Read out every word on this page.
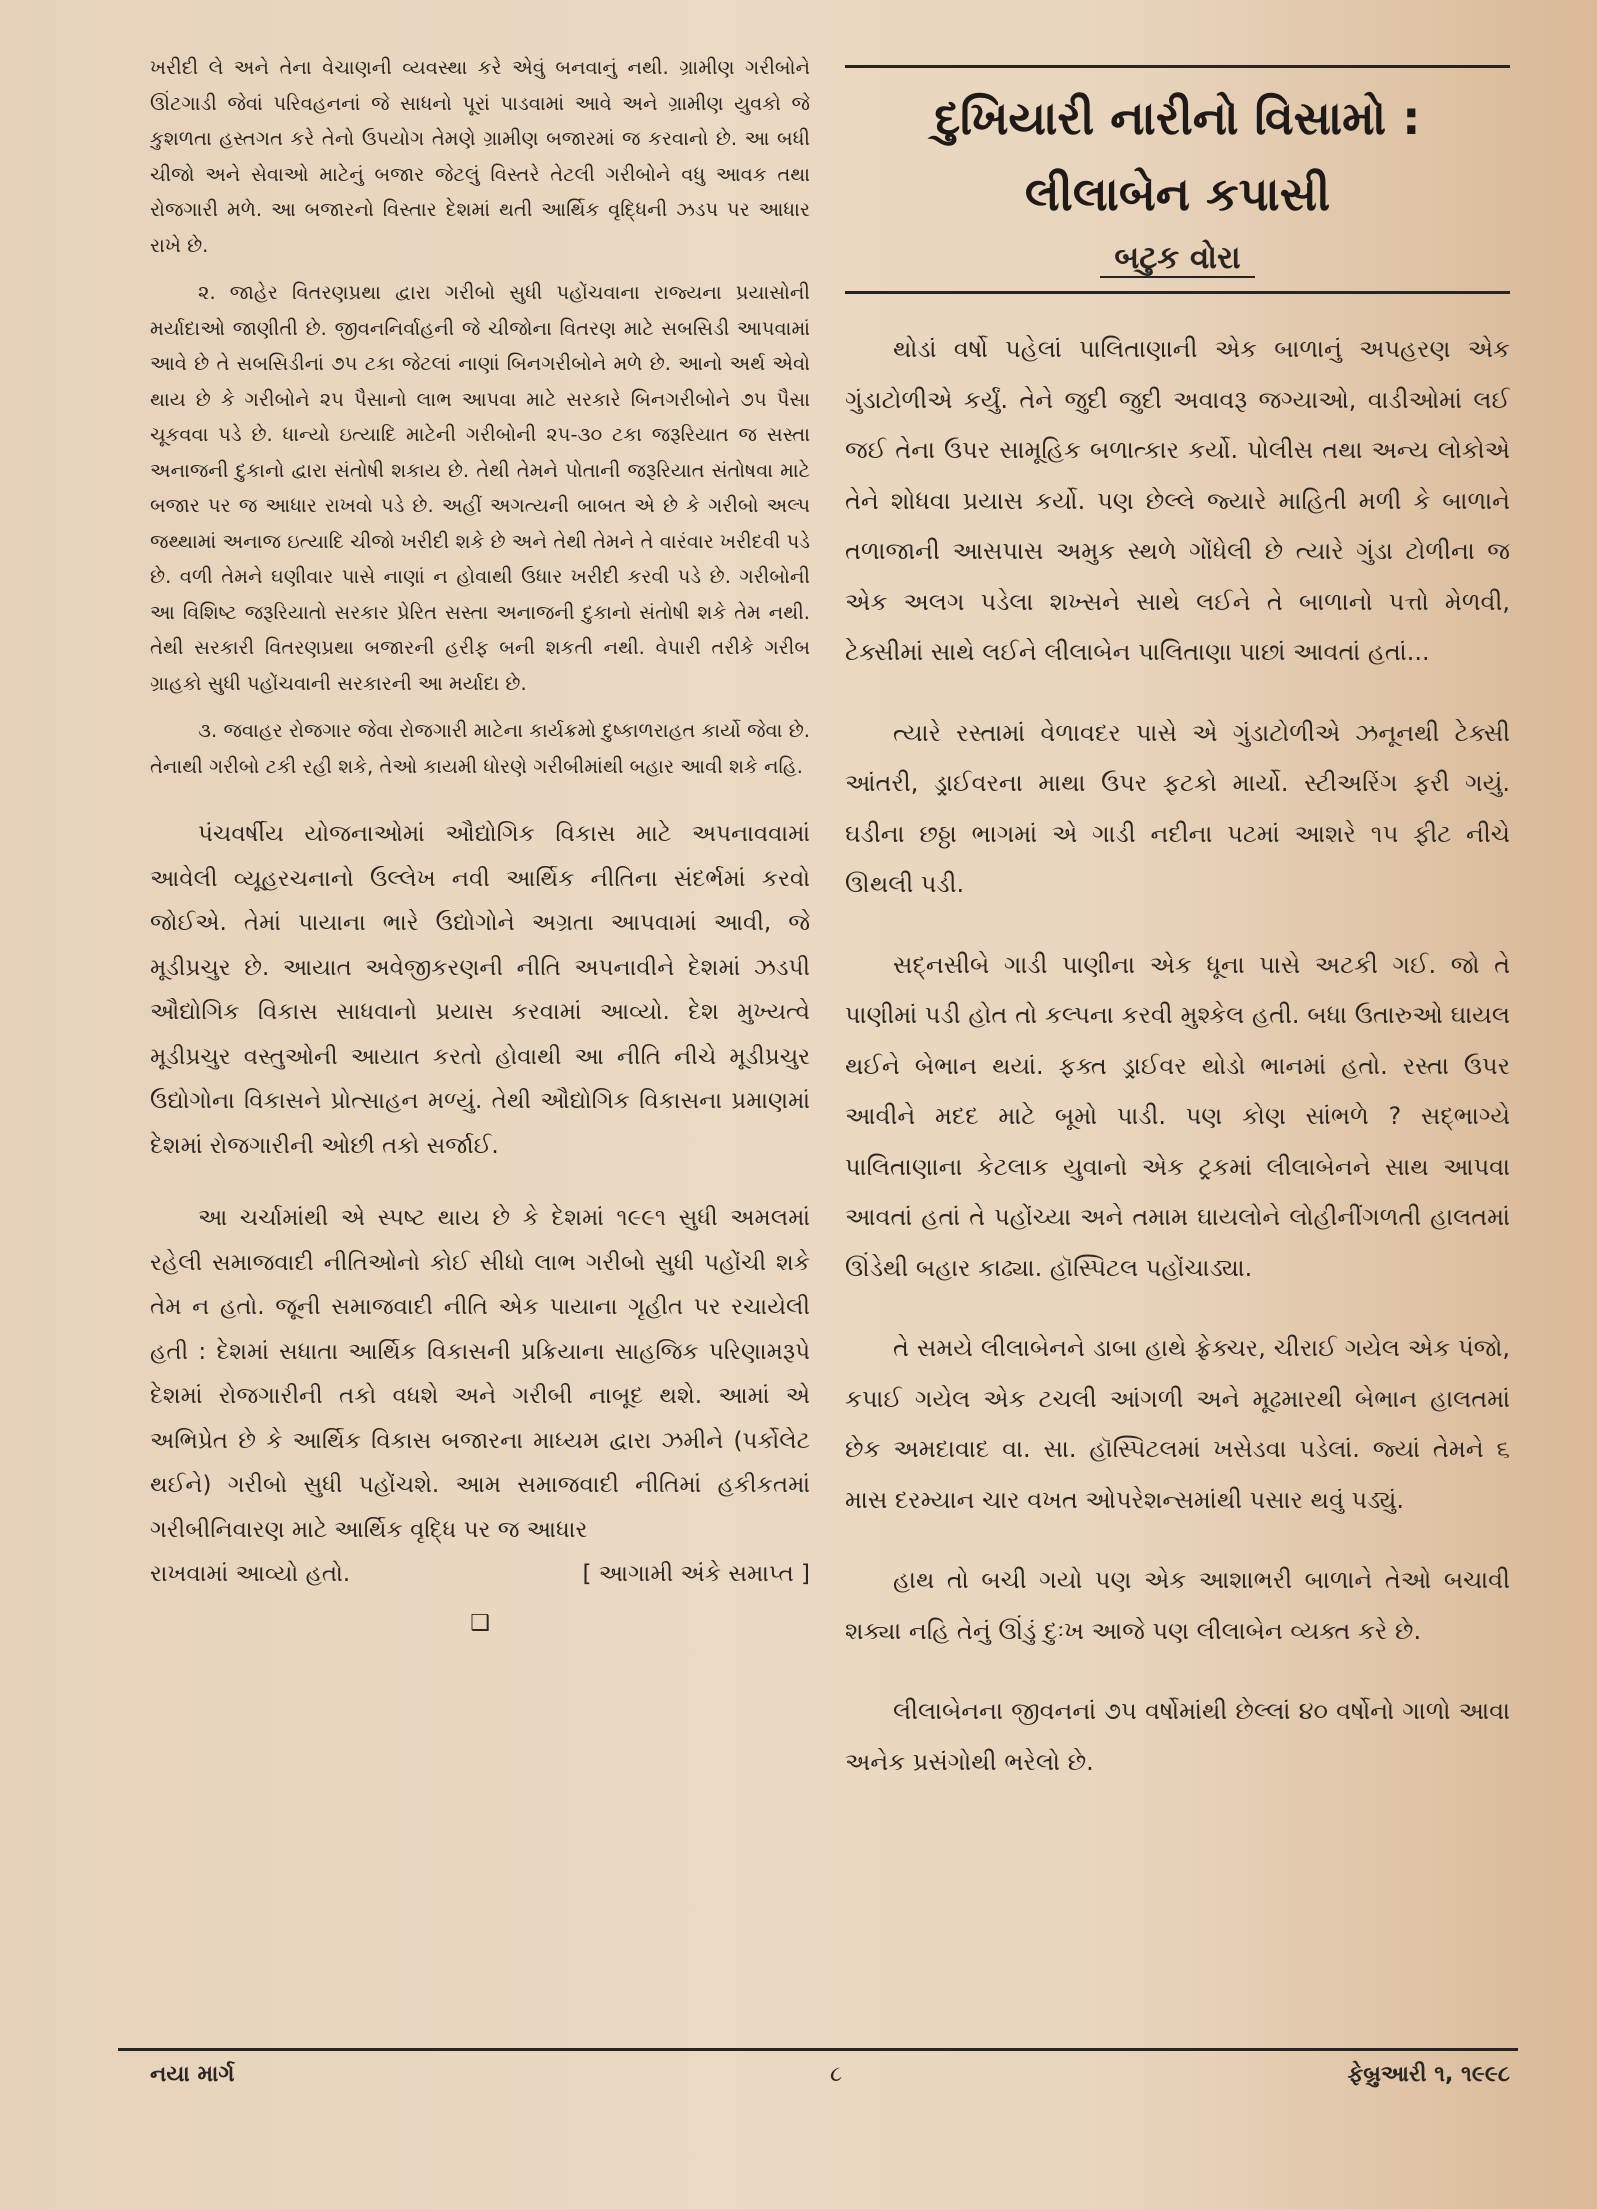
ખરીદી લે અને તેના વેચાણની વ્યવસ્થા કરે એવું બનવાનું નથી. ગ્રામીણ ગરીબોને ઊંટગાડી જેવાં પરિવહનનાં જે સાધનો પૂરાં પાડવામાં આવે અને ગ્રામીણ યુવકો જે કુશળતા હસ્તગત કરે તેનો ઉપયોગ તેમણે ગ્રામીણ બજારમાં જ કરવાનો છે. આ બધી ચીજો અને સેવાઓ માટેનું બજાર જેટલું વિસ્તરે તેટલી ગરીબોને વધુ આવક તથા રોજગારી મળે. આ બજારનો વિસ્તાર દેશમાં થતી આર્થિક વૃદ્ધિની ઝડપ પર આધાર રાખે છે.

૨. જાહેર વિતરણપ્રથા દ્વારા ગરીબો સુધી પહોંચવાના રાજ્યના પ્રયાસોની મર્યાદાઓ જાણીતી છે. જીવનનિર્વાહની જે ચીજોના વિતરણ માટે સબસિડી આપવામાં આવે છે તે સબસિડીનાં ૭૫ ટકા જેટલાં નાણાં બિનગરીબોને મળે છે. આનો અર્થ એવો થાય છે કે ગરીબોને ૨૫ પૈસાનો લાભ આપવા માટે સરકારે બિનગરીબોને ૭૫ પૈસા ચૂકવવા પડે છે. ધાન્યો ઇત્યાદિ માટેની ગરીબોની ૨૫-૩૦ ટકા જરૂરિયાત જ સસ્તા અનાજની દુકાનો દ્વારા સંતોષી શકાય છે. તેથી તેમને પોતાની જરૂરિયાત સંતોષવા માટે બજાર પર જ આધાર રાખવો પડે છે. અહીં અગત્યની બાબત એ છે કે ગરીબો અલ્પ જથ્થામાં અનાજ ઇત્યાદિ ચીજો ખરીદી શકે છે અને તેથી તેમને તે વારંવાર ખરીદવી પડે છે. વળી તેમને ઘણીવાર પાસે નાણાં ન હોવાથી ઉધાર ખરીદી કરવી પડે છે. ગરીબોની આ વિશિષ્ટ જરૂરિયાતો સરકાર પ્રેરિત સસ્તા અનાજની દુકાનો સંતોષી શકે તેમ નથી. તેથી સરકારી વિતરણપ્રથા બજારની હરીફ બની શકતી નથી. વેપારી તરીકે ગરીબ ગ્રાહકો સુધી પહોંચવાની સરકારની આ મર્યાદા છે.

૩. જવાહર રોજગાર જેવા રોજગારી માટેના કાર્યક્રમો દુષ્કાળરાહત કાર્યો જેવા છે. તેનાથી ગરીબો ટકી રહી શકે, તેઓ કાયમી ધોરણે ગરીબીમાંથી બહાર આવી શકે નહિ.

પંચવર્ષીય યોજનાઓમાં ઔદ્યોગિક વિકાસ માટે અપનાવવામાં આવેલી વ્યૂહરચનાનો ઉલ્લેખ નવી આર્થિક નીતિના સંદર્ભમાં કરવો જોઈએ. તેમાં પાયાના ભારે ઉદ્યોગોને અગ્રતા આપવામાં આવી, જે મૂડીપ્રચુર છે. આયાત અવેજીકરણની નીતિ અપનાવીને દેશમાં ઝડપી ઔદ્યોગિક વિકાસ સાધવાનો પ્રયાસ કરવામાં આવ્યો. દેશ મુખ્યત્વે મૂડીપ્રચુર વસ્તુઓની આયાત કરતો હોવાથી આ નીતિ નીચે મૂડીપ્રચુર ઉદ્યોગોના વિકાસને પ્રોત્સાહન મળ્યું. તેથી ઔદ્યોગિક વિકાસના પ્રમાણમાં દેશમાં રોજગારીની ઓછી તકો સર્જાઈ.

આ ચર્ચામાંથી એ સ્પષ્ટ થાય છે કે દેશમાં ૧૯૯૧ સુધી અમલમાં રહેલી સમાજવાદી નીતિઓનો કોઈ સીધો લાભ ગરીબો સુધી પહોંચી શકે તેમ ન હતો. જૂની સમાજવાદી નીતિ એક પાયાના ગૃહીત પર રચાયેલી હતી : દેશમાં સધાતા આર્થિક વિકાસની પ્રક્રિયાના સાહજિક પરિણામરૂપે દેશમાં રોજગારીની તકો વધશે અને ગરીબી નાબૂદ થશે. આમાં એ અભિપ્રેત છે કે આર્થિક વિકાસ બજારના માધ્યમ દ્વારા ઝમીને (પર્કોલેટ થઈને) ગરીબો સુધી પહોંચશે. આમ સમાજવાદી નીતિમાં હકીકતમાં ગરીબીનિવારણ માટે આર્થિક વૃદ્ધિ પર જ આધાર

રાખવામાં આવ્યો હતો.	[ આગામી અંકે સમાપ્ત ]
❑
દુખિયારી નારીનો વિસામો :
લીલાબેન કપાસી
બટુક વોરા

થોડાં વર્ષો પહેલાં પાલિતાણાની એક બાળાનું અપહરણ એક ગુંડાટોળીએ કર્યું. તેને જુદી જુદી અવાવરૂ જગ્યાઓ, વાડીઓમાં લઈ જઈ તેના ઉપર સામૂહિક બળાત્કાર કર્યો. પોલીસ તથા અન્ય લોકોએ તેને શોધવા પ્રયાસ કર્યો. પણ છેલ્લે જ્યારે માહિતી મળી કે બાળાને તળાજાની આસપાસ અમુક સ્થળે ગોંધેલી છે ત્યારે ગુંડા ટોળીના જ એક અલગ પડેલા શખ્સને સાથે લઈને તે બાળાનો પત્તો મેળવી, ટેક્સીમાં સાથે લઈને લીલાબેન પાલિતાણા પાછાં આવતાં હતાં...

ત્યારે રસ્તામાં વેળાવદર પાસે એ ગુંડાટોળીએ ઝનૂનથી ટેક્સી આંતરી, ડ્રાઈવરના માથા ઉપર ફટકો માર્યો. સ્ટીઅરિંગ ફરી ગયું. ઘડીના છઠ્ઠા ભાગમાં એ ગાડી નદીના પટમાં આશરે ૧૫ ફીટ નીચે ઊથલી પડી.

સદ્નસીબે ગાડી પાણીના એક ધૂના પાસે અટકી ગઈ. જો તે પાણીમાં પડી હોત તો કલ્પના કરવી મુશ્કેલ હતી. બધા ઉતારુઓ ઘાયલ થઈને બેભાન થયાં. ફક્ત ડ્રાઈવર થોડો ભાનમાં હતો. રસ્તા ઉપર આવીને મદદ માટે બૂમો પાડી. પણ કોણ સાંભળે ? સદ્ભાગ્યે પાલિતાણાના કેટલાક યુવાનો એક ટ્રકમાં લીલાબેનને સાથ આપવા આવતાં હતાં તે પહોંચ્યા અને તમામ ઘાયલોને લોહીનીંગળતી હાલતમાં ઊંડેથી બહાર કાઢ્યા. હૉસ્પિટલ પહોંચાડ્યા.

તે સમયે લીલાબેનને ડાબા હાથે ફ્રેક્ચર, ચીરાઈ ગયેલ એક પંજો, કપાઈ ગયેલ એક ટચલી આંગળી અને મૂઢમારથી બેભાન હાલતમાં છેક અમદાવાદ વા. સા. હૉસ્પિટલમાં ખસેડવા પડેલાં. જ્યાં તેમને ૬ માસ દરમ્યાન ચાર વખત ઓપરેશન્સમાંથી પસાર થવું પડ્યું.

હાથ તો બચી ગયો પણ એક આશાભરી બાળાને તેઓ બચાવી શક્યા નહિ તેનું ઊંડું દુઃખ આજે પણ લીલાબેન વ્યક્ત કરે છે.

લીલાબેનના જીવનનાં ૭૫ વર્ષોમાંથી છેલ્લાં ૪૦ વર્ષોનો ગાળો આવા અનેક પ્રસંગોથી ભરેલો છે.

નયા માર્ગ	૮	ફેબ્રુઆરી ૧, ૧૯૯૮
